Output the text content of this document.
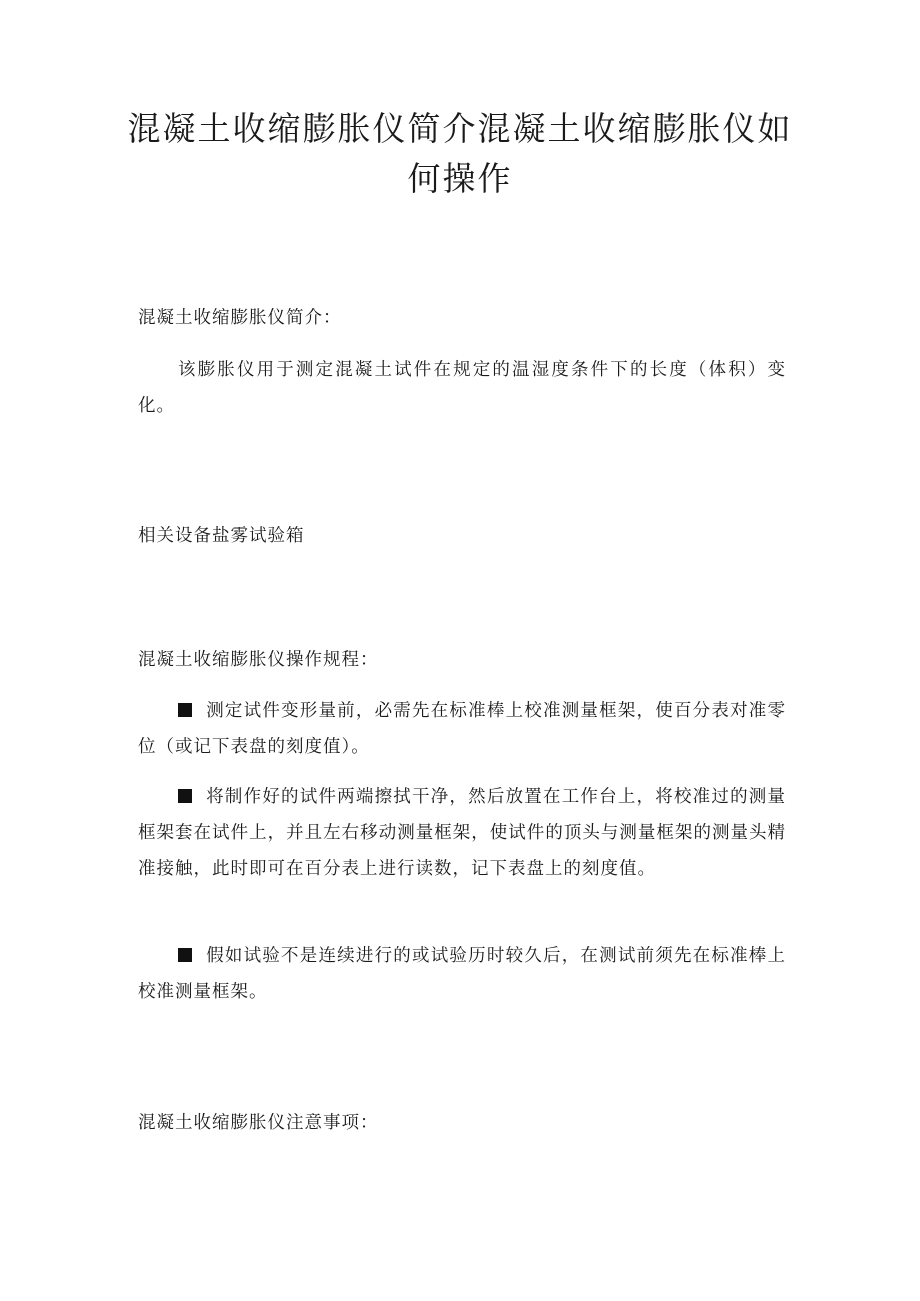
混凝土收缩膨胀仪简介混凝土收缩膨胀仪如何操作

混凝土收缩膨胀仪简介：

该膨胀仪用于测定混凝土试件在规定的温湿度条件下的长度（体积）变化。

相关设备盐雾试验箱

混凝土收缩膨胀仪操作规程：

测定试件变形量前，必需先在标准棒上校准测量框架，使百分表对准零位（或记下表盘的刻度值）。

将制作好的试件两端擦拭干净，然后放置在工作台上，将校准过的测量框架套在试件上，并且左右移动测量框架，使试件的顶头与测量框架的测量头精准接触，此时即可在百分表上进行读数，记下表盘上的刻度值。

假如试验不是连续进行的或试验历时较久后，在测试前须先在标准棒上校准测量框架。

混凝土收缩膨胀仪注意事项：
